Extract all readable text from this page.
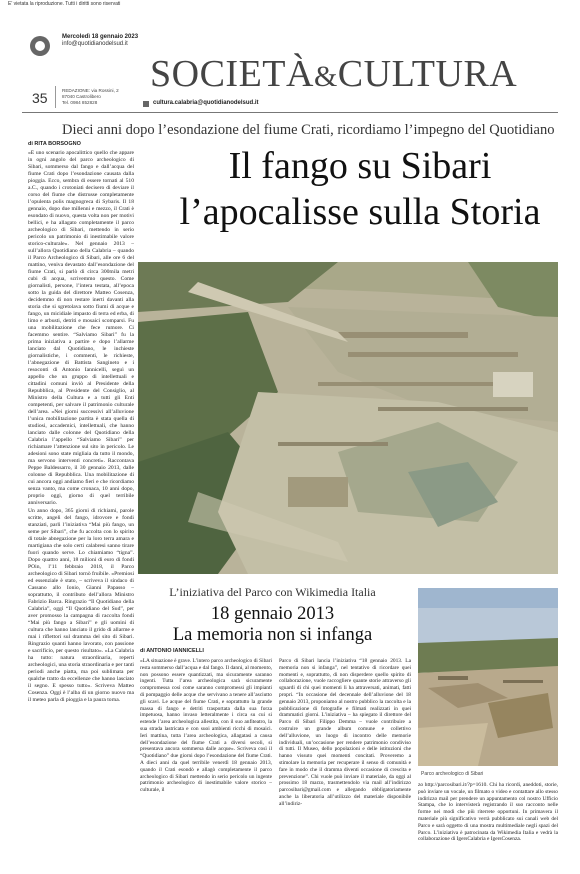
E' vietata la riproduzione. Tutti i diritti sono riservati
Mercoledì 18 gennaio 2023
info@quotidianodelsud.it
SOCIETÀ&CULTURA
35	REDAZIONE: via Rossini, 2
87040 Castrolibero
Tel. 0984 852828	cultura.calabria@quotidianodelsud.it
Dieci anni dopo l’esondazione del fiume Crati, ricordiamo l’impegno del Quotidiano
di RITA BORSOGNO
Il fango su Sibari
l’apocalisse sulla Storia

«È uno scenario apocalittico quello che appare in ogni angolo del parco archeologico di Sibari, sommerso dal fango e dall’acqua del fiume Crati dopo l’esondazione causata dalla pioggia. Ecco, sembra di essere tornati al 510 a.C., quando i crotoniati decisero di deviare il corso del fiume che distrusse completamente l’opulenta polis magnogreca di Sybaris. Il 18 gennaio, dopo due millenni e mezzo, il Crati è esondato di nuovo, questa volta non per motivi bellici, e ha allagato completamente il parco archeologico di Sibari, mettendo in serio pericolo un patrimonio di inestimabile valore storico-culturale». Nel gennaio 2013 – sull’allora Quotidiano della Calabria – quando il Parco Archeologico di Sibari, alle ore 6 del mattino, veniva devastato dall’esondazione del fiume Crati, si parlò di circa 300mila metri cubi di acqua, scrivemmo questo. Come giornalisti, persone, l’intera testata, all’epoca sotto la guida del direttore Matteo Cosenza, decidemmo di non restare inerti davanti alla storia che si sgretolava sotto fiumi di acque e fango, un micidiale impasto di terra ed erba, di limo e arbusti, detriti e mosaici scomparsi. Fu una mobilitazione che fece rumore. Ci facemmo sentire. “Salviamo Sibari” fu la prima iniziativa a partire e dopo l’allarme lanciato dal Quotidiano, le inchieste giornalistiche, i commenti, le richieste, l’abnegazione di Battista Sangineto e i resoconti di Antonio Iannicelli, seguì un appello che un gruppo di intellettuali e cittadini comuni inviò al Presidente della Repubblica, al Presidente del Consiglio, al Ministro della Cultura e a tutti gli Enti competenti, per salvare il patrimonio culturale dell’area. «Nei giorni successivi all’alluvione l’unica mobilitazione partita è stata quella di studiosi, accademici, intellettuali, che hanno lanciato dalle colonne del Quotidiano della Calabria l’appello “Salviamo Sibari” per richiamare l’attenzione sul sito in pericolo. Le adesioni sono state migliaia da tutto il mondo, ma servono interventi concreti». Raccontava Peppe Baldessarro, il 30 gennaio 2013, dalle colonne di Repubblica. Una mobilitazione di cui ancora oggi andiamo fieri e che ricordiamo senza vanto, ma come cronaca, 10 anni dopo, proprio oggi, giorno di quel terribile anniversario.

Un anno dopo, 365 giorni di richiami, parole scritte, angeli del fango, idrovore e fondi stanziati, parli l’iniziativa “Mai più fango, un seme per Sibari”, che fu accolta con lo spirito di totale abnegazione per la loro terra amara e martigiana che solo certi calabresi sanno tirare fuori quando serve. Lo chiamiamo “tigna”. Dopo quattro anni, 18 milioni di euro di fondi POin, l’11 febbraio 2018, il Parco archeologico di Sibari tornò fruibile. «Premiosi ed essenziale è stato, – scriveva il sindaco di Cassano allo Ionio, Gianni Papasso – soprattutto, il contributo dell’allora Ministro Fabrizio Barca. Ringrazio “Il Quotidiano della Calabria”, oggi “Il Quotidiano del Sud”, per aver promosso la campagna di raccolta fondi “Mai più fango a Sibari” e gli uomini di cultura che hanno lanciato il grido di allarme e mai i riflettori sul dramma del sito di Sibari. Ringrazio quanti hanno lavorato, con passione e sacrificio, per questo risultato». «La Calabria ha tutto: natura straordinaria, reperti archeologici, una storia straordinaria e per tanti periodi anche piatta, ma poi sublimata per qualche tratto da eccellenze che hanno lasciato il segno. E spesso tutto». Scriveva Matteo Cosenza. Oggi è l’alba di un giorno nuovo ma il meteo parla di pioggia e la paura torna.

L’iniziativa del Parco con Wikimedia Italia
18 gennaio 2013
La memoria non si infanga
di ANTONIO IANNICELLI
«LA situazione è grave. L’intero parco archeologico di Sibari resta sommerso dall’acqua e dal fango. Il danni, al momento, non possono essere quantizzati, ma sicuramente saranno ingenti. Tutta l’area archeologica sarà sicuramente compromessa così come saranno compromessi gli impianti di pompaggio delle acque che servivano a tenere all’asciutto gli scavi. Le acque del fiume Crati, e soprattutto la grande massa di fango e detriti trasportata dalla sua forza impetuosa, hanno invaso letteralmente i circa su cui si estende l’area archeologica allestita, con il suo anfiteatro, la sua strada lastricata e con suoi ambienti ricchi di mosaici. Ieri mattina, tutta l’area archeologica, allagatasi a causa dell’esondazione del fiume Crati a diversi secoli, si presentava ancora sommersa dalle acque». Scriveva così il “Quotidiano” due giorni dopo l’esondazione del fiume Crati. A dieci anni da quel terribile venerdì 18 gennaio 2013, quando il Crati esondò e allagò completamente il parco archeologico di Sibari mettendo in serio pericolo un ingente patrimonio archeologico di inestimabile valore storico – culturale, il
Parco di Sibari lancia l’iniziativa “18 gennaio 2013. La memoria non si infanga”, nel tentativo di ricordare quei momenti e, soprattutto, di non disperdere quello spirito di collaborazione, vuole raccogliere quante storie attraverso gli sguardi di chi quei momenti li ha attraversati, animati, fatti propri. “In occasione del decennale dell’alluvione del 18 gennaio 2013, proponiamo al nostro pubblico la raccolta e la pubblicazione di fotografie e filmati realizzati in quei drammatici giorni. L’iniziativa – ha spiegato il direttore del Parco di Sibari Filippo Demma – vuole contribuire a costruire un grande album comune e collettivo dell’alluvione, un luogo di incontro delle memorie individuali, un’occasione per rendere patrimonio condiviso di tutti. Il Museo, dello popolazioni e delle istituzioni che hanno vissuto quei momenti concitati. Proveremo a stimolare la memoria per recuperare il senso di comunità e fare in modo che il dramma diventi occasione di crescita e prevenzione”. Chi vuole può inviare il materiale, da oggi al prossimo 18 marzo, trasmettendolo via mail all’indirizzo parcosibari@gmail.com e allegando obbligatoriamente anche la liberatoria all’utilizzo del materiale disponibile all’indiriz-
Parco archeologico di Sibari
zo http://parcosibari.it/?p=1610. Chi ha ricordi, aneddoti, storie, può inviare un vocale, un filmato o video e contattare allo stesso indirizzo mail per prendere un appuntamento col nostro Ufficio Stampa, che lo intervisterà registrando il suo racconto nelle forme nei modi che più riterrete opportuni. In primavera il materiale più significativo verrà pubblicato sui canali web del Parco e sarà oggetto di una mostra multimediale negli spazi del Parco. L’iniziativa è patrocinata da Wikimedia Italia e vedrà la collaborazione di IgersCalabria e IgersCosenza.
